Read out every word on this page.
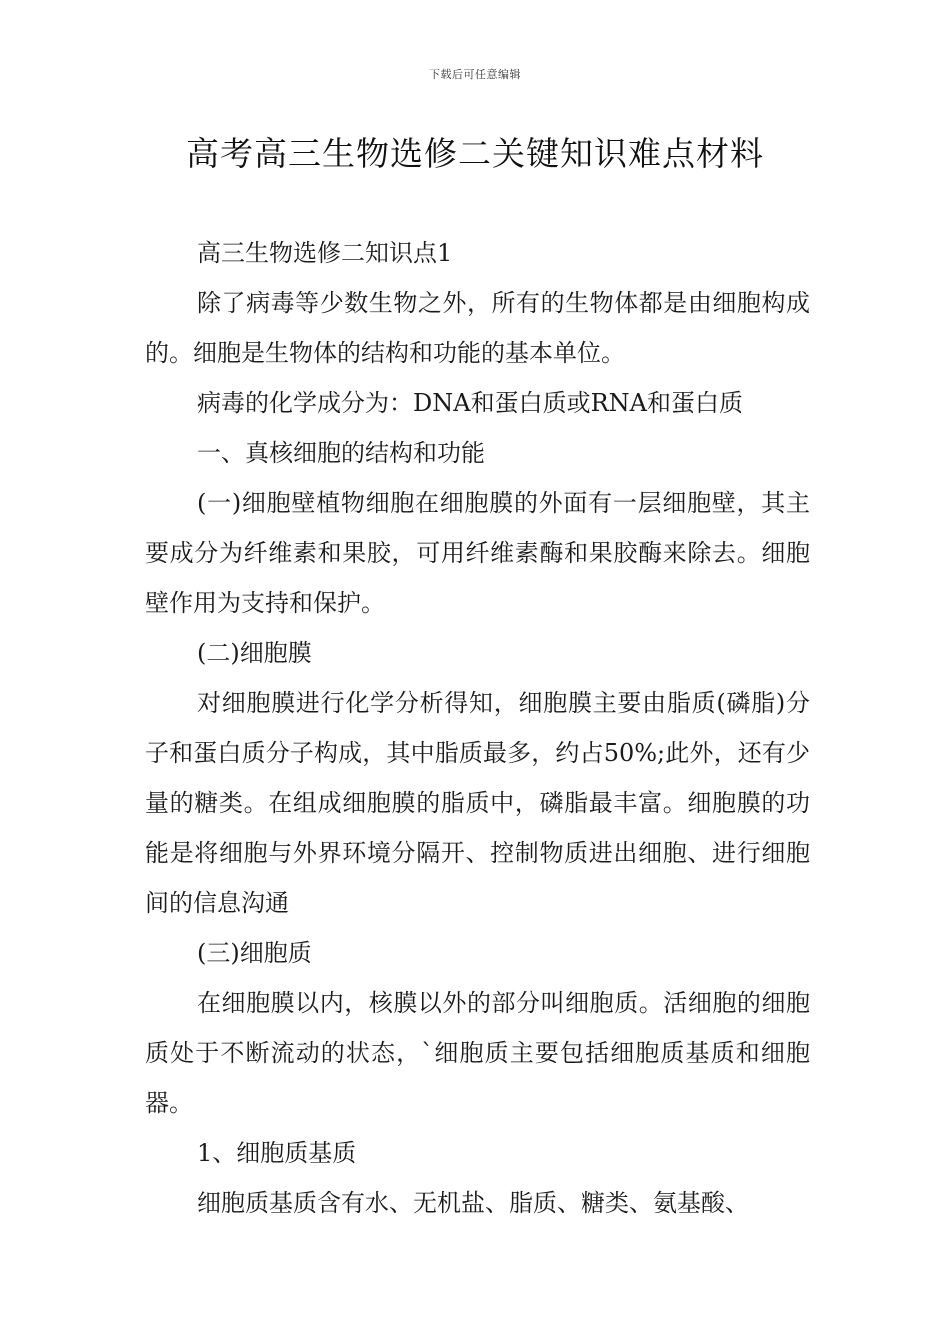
下载后可任意编辑
高考高三生物选修二关键知识难点材料

高三生物选修二知识点1

除了病毒等少数生物之外，所有的生物体都是由细胞构成的。细胞是生物体的结构和功能的基本单位。

病毒的化学成分为：DNA和蛋白质或RNA和蛋白质

一、真核细胞的结构和功能

(一)细胞壁植物细胞在细胞膜的外面有一层细胞壁，其主要成分为纤维素和果胶，可用纤维素酶和果胶酶来除去。细胞壁作用为支持和保护。

(二)细胞膜

对细胞膜进行化学分析得知，细胞膜主要由脂质(磷脂)分子和蛋白质分子构成，其中脂质最多，约占50%;此外，还有少量的糖类。在组成细胞膜的脂质中，磷脂最丰富。细胞膜的功能是将细胞与外界环境分隔开、控制物质进出细胞、进行细胞间的信息沟通

(三)细胞质

在细胞膜以内，核膜以外的部分叫细胞质。活细胞的细胞质处于不断流动的状态，`细胞质主要包括细胞质基质和细胞器。

1、细胞质基质

细胞质基质含有水、无机盐、脂质、糖类、氨基酸、
